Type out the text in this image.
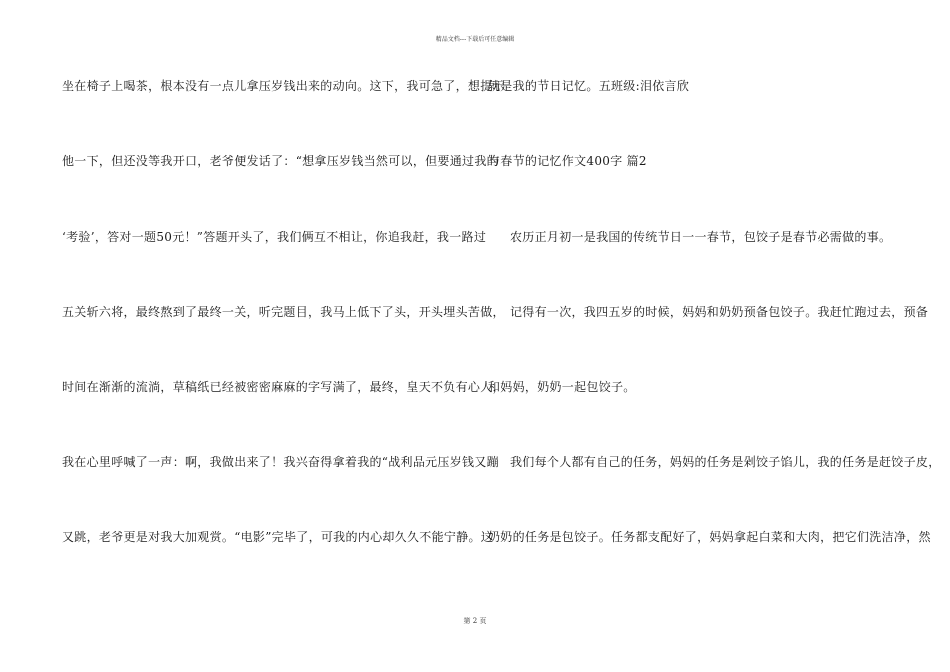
精品文档---下载后可任意编辑
坐在椅子上喝茶，根本没有一点儿拿压岁钱出来的动向。这下，我可急了，想提示
他一下，但还没等我开口，老爷便发话了：“想拿压岁钱当然可以，但要通过我的
‘考验’，答对一题50元！”答题开头了，我们俩互不相让，你追我赶，我一路过
五关斩六将，最终熬到了最终一关，听完题目，我马上低下了头，开头埋头苦做，
时间在渐渐的流淌，草稿纸已经被密密麻麻的字写满了，最终，皇天不负有心人，
我在心里呼喊了一声：啊，我做出来了！我兴奋得拿着我的“战利品元压岁钱又蹦
又跳，老爷更是对我大加观赏。“电影”完毕了，可我的内心却久久不能宁静。这
就是我的节日记忆。五班级:泪依言欣
与春节的记忆作文400字 篇2
农历正月初一是我国的传统节日一一春节，包饺子是春节必需做的事。
记得有一次，我四五岁的时候，妈妈和奶奶预备包饺子。我赶忙跑过去，预备
和妈妈，奶奶一起包饺子。
我们每个人都有自己的任务，妈妈的任务是剁饺子馅儿，我的任务是赶饺子皮，
奶奶的任务是包饺子。任务都支配好了，妈妈拿起白菜和大肉，把它们洗洁净，然
第 2 页
